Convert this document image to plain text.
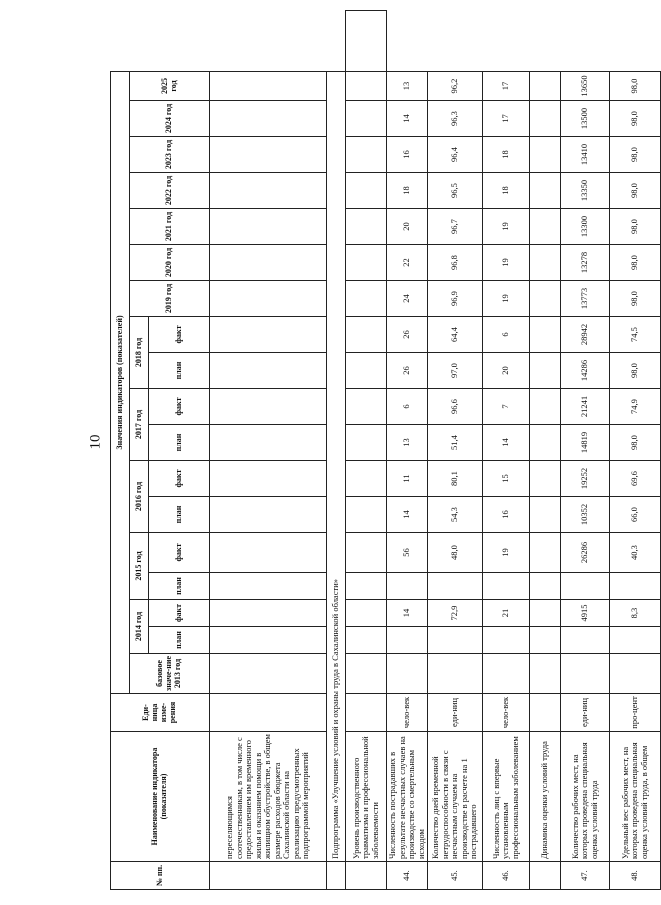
10
№ пп.	Наименование индикатора (показателя)	Еди-ница изме-рения	Значения индикаторов (показателей)																		
			базовое значе-ние 2013 год	2014 год		2015 год		2016 год		2017 год		2018 год		2019 год	2020 год	2021 год	2022 год	2023 год	2024 год	2025 год	
				план	факт	план	факт	план	факт	план	факт	план	факт								
	переселяющимся соотечественникам, в том числе с предоставлением им временного жилья и оказанием помощи в жилищном обустройстве, в общем размере расходов бюджета Сахалинской области на реализацию предусмотренных подпрограммой мероприятий																				
	Подпрограмма «Улучшение условий и охраны труда в Сахалинской области»																				
	Уровень производственного травматизма и профессиональной заболеваемости																				
44.	Численность пострадавших в результате несчастных случаев на производстве со смертельным исходом	чело-век			14		56	14	11	13	6	26	26	24	22	20	18	16	14	13	
45.	Количество дней временной нетрудоспособности в связи с несчастным случаем на производстве в расчете на 1 пострадавшего	еди-ниц			72,9		48,0	54,3	80,1	51,4	96,6	97,0	64,4	96,9	96,8	96,7	96,5	96,4	96,3	96,2	
46.	Численность лиц с впервые установленным профессиональным заболеванием	чело-век			21		19	16	15	14	7	20	6	19	19	19	18	18	17	17	
	Динамика оценки условий труда																				
47.	Количество рабочих мест, на которых проведена специальная оценка условий труда	еди-ниц			4915		26286	10352	19252	14819	21241	14286	28942	13773	13278	13300	13350	13410	13500	13650	
48.	Удельный вес рабочих мест, на которых проведена специальная оценка условий труда, в общем	про-цент			8,3		40,3	66,0	69,6	98,0	74,9	98,0	74,5	98,0	98,0	98,0	98,0	98,0	98,0	98,0	
